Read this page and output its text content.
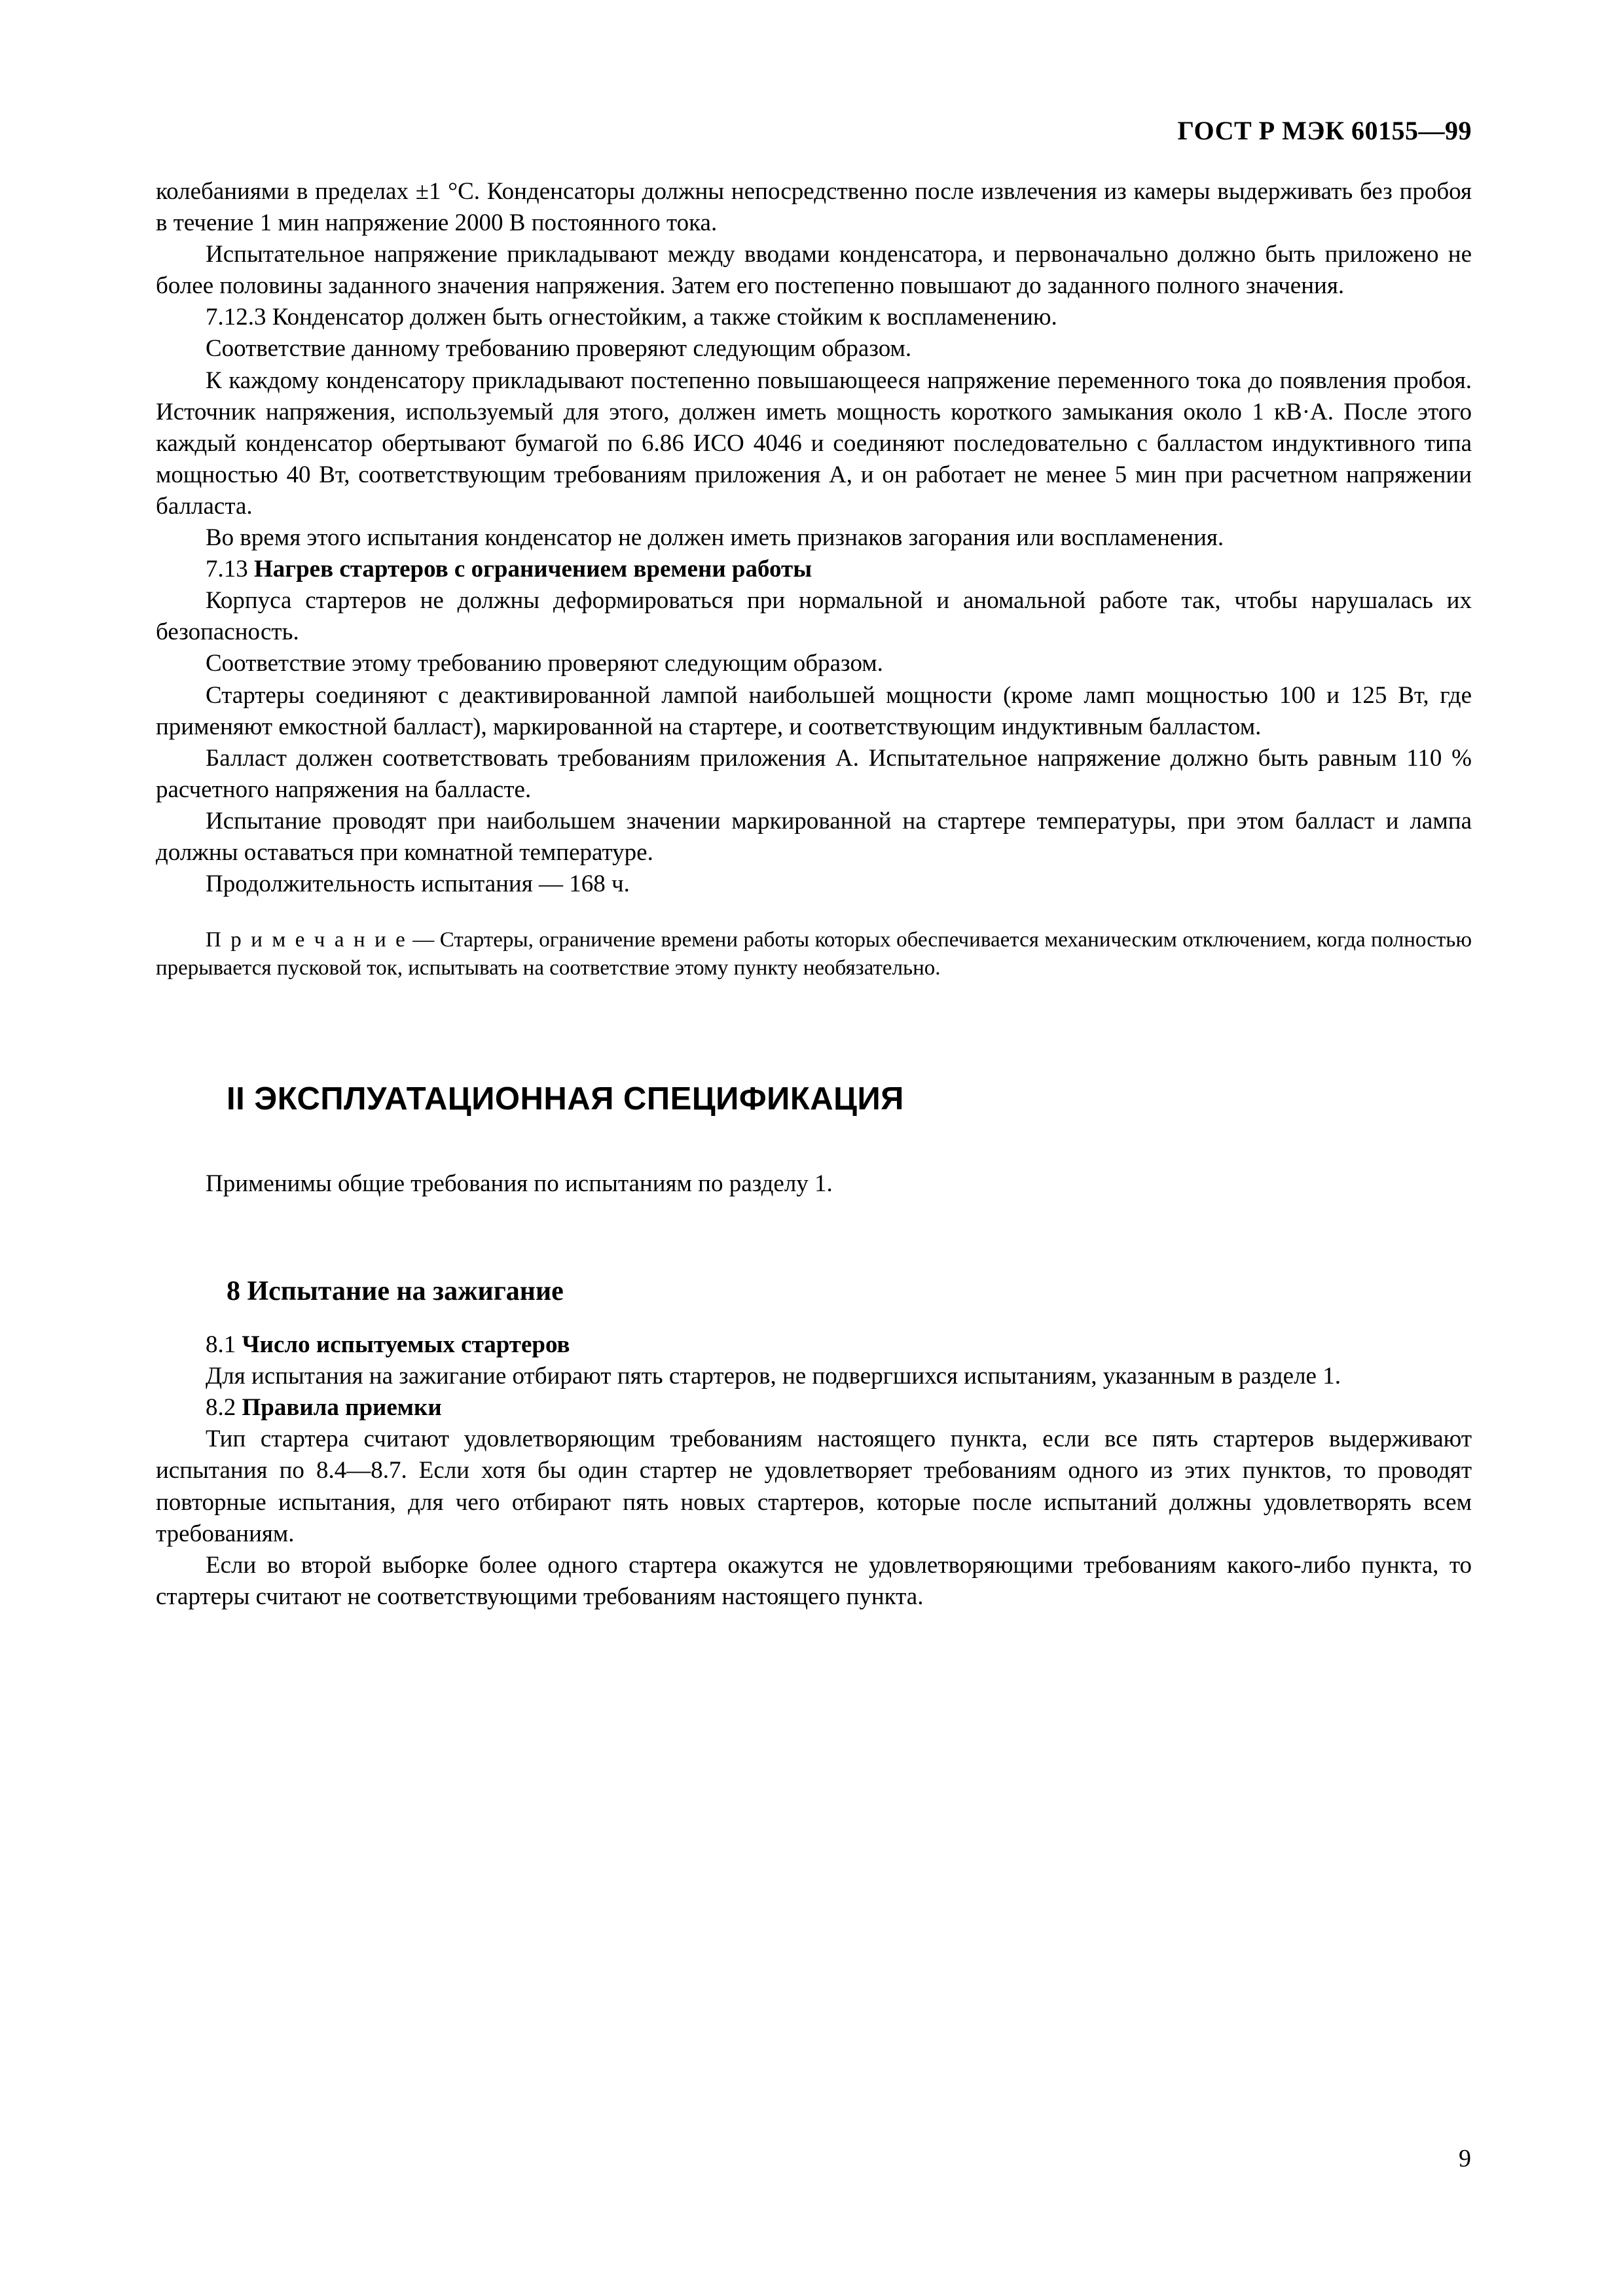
ГОСТ Р МЭК 60155—99

колебаниями в пределах ±1 °C. Конденсаторы должны непосредственно после извлечения из камеры выдерживать без пробоя в течение 1 мин напряжение 2000 В постоянного тока.

Испытательное напряжение прикладывают между вводами конденсатора, и первоначально должно быть приложено не более половины заданного значения напряжения. Затем его постепенно повышают до заданного полного значения.

7.12.3 Конденсатор должен быть огнестойким, а также стойким к воспламенению.

Соответствие данному требованию проверяют следующим образом.

К каждому конденсатору прикладывают постепенно повышающееся напряжение переменного тока до появления пробоя. Источник напряжения, используемый для этого, должен иметь мощность короткого замыкания около 1 кВ·А. После этого каждый конденсатор обертывают бумагой по 6.86 ИСО 4046 и соединяют последовательно с балластом индуктивного типа мощностью 40 Вт, соответствующим требованиям приложения А, и он работает не менее 5 мин при расчетном напряжении балласта.

Во время этого испытания конденсатор не должен иметь признаков загорания или воспламенения.

7.13 Нагрев стартеров с ограничением времени работы

Корпуса стартеров не должны деформироваться при нормальной и аномальной работе так, чтобы нарушалась их безопасность.

Соответствие этому требованию проверяют следующим образом.

Стартеры соединяют с деактивированной лампой наибольшей мощности (кроме ламп мощностью 100 и 125 Вт, где применяют емкостной балласт), маркированной на стартере, и соответствующим индуктивным балластом.

Балласт должен соответствовать требованиям приложения А. Испытательное напряжение должно быть равным 110 % расчетного напряжения на балласте.

Испытание проводят при наибольшем значении маркированной на стартере температуры, при этом балласт и лампа должны оставаться при комнатной температуре.

Продолжительность испытания — 168 ч.

П р и м е ч а н и е — Стартеры, ограничение времени работы которых обеспечивается механическим отключением, когда полностью прерывается пусковой ток, испытывать на соответствие этому пункту необязательно.

II ЭКСПЛУАТАЦИОННАЯ СПЕЦИФИКАЦИЯ

Применимы общие требования по испытаниям по разделу 1.

8 Испытание на зажигание
8.1 Число испытуемых стартеров

Для испытания на зажигание отбирают пять стартеров, не подвергшихся испытаниям, указанным в разделе 1.

8.2 Правила приемки

Тип стартера считают удовлетворяющим требованиям настоящего пункта, если все пять стартеров выдерживают испытания по 8.4—8.7. Если хотя бы один стартер не удовлетворяет требованиям одного из этих пунктов, то проводят повторные испытания, для чего отбирают пять новых стартеров, которые после испытаний должны удовлетворять всем требованиям.

Если во второй выборке более одного стартера окажутся не удовлетворяющими требованиям какого-либо пункта, то стартеры считают не соответствующими требованиям настоящего пункта.

9
